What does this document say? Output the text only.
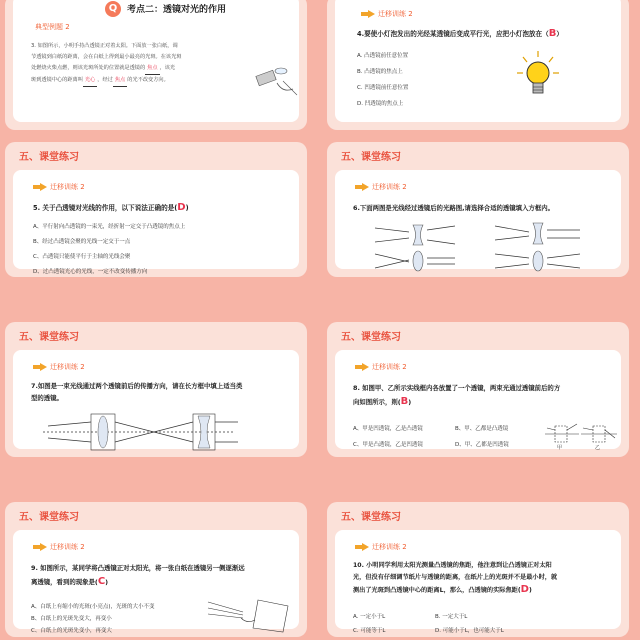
Q	考点二：透镜对光的作用
典型例题 2
3. 如图所示，小明手持凸透镜正对着太阳。下面放一张白纸，调
节透镜到白纸的距离，会在白纸上得到最小最亮的光斑。在该光斑
处燃烧火柴点燃，则该光斑所处的位置就是透镜的 焦点 ，该光
斑到透镜中心的距离叫 光心 ，经过 焦点 的光不改变方向。
迁移训练 2
4.要使小灯泡发出的光经某透镜后变成平行光，应把小灯泡放在（B）
A. 凸透镜前任意位置
B. 凸透镜的焦点上
C. 凹透镜前任意位置
D. 凹透镜的焦点上
五、课堂练习
迁移训练 2
5. 关于凸透镜对光线的作用，以下说法正确的是(D)
A、平行射向凸透镜的一束光，经折射一定交于凸透镜的焦点上
B、经过凸透镜会聚的光线一定交于一点
C、凸透镜只能使平行于主轴的光线会聚
D、过凸透镜光心的光线，一定不改变传播方向
五、课堂练习
迁移训练 2
6.下面两图是光线经过透镜后的光路图,请选择合适的透镜填入方框内。
五、课堂练习
迁移训练 2
7.如图是一束光线通过两个透镜前后的传播方向，请在长方框中填上适当类
型的透镜。
五、课堂练习
迁移训练 2
8. 如图甲、乙所示实线框内各放置了一个透镜，两束光通过透镜前后的方
向如图所示，则(B)
A、甲是凹透镜，乙是凸透镜	B、甲、乙都是凸透镜
C、甲是凸透镜，乙是凹透镜	D、甲、乙都是凹透镜	甲	乙
五、课堂练习
迁移训练 2
9. 如图所示，某同学将凸透镜正对太阳光，将一张白纸在透镜另一侧逐渐远
离透镜，看到的现象是(C)
A、白纸上有缩小的光斑(小亮点)，光斑的大小不变
B、白纸上的光斑先变大，再变小
C、白纸上的光斑先变小，再变大
五、课堂练习
迁移训练 2
10. 小明同学利用太阳光测量凸透镜的焦距，他注意到让凸透镜正对太阳
光，但没有仔细调节纸片与透镜的距离，在纸片上的光斑并不是最小时，就
测出了光斑到凸透镜中心的距离L，那么，凸透镜的实际焦距(D)
A. 一定小于L	B. 一定大于L
C. 可能等于L	D. 可能小于L，也可能大于L
